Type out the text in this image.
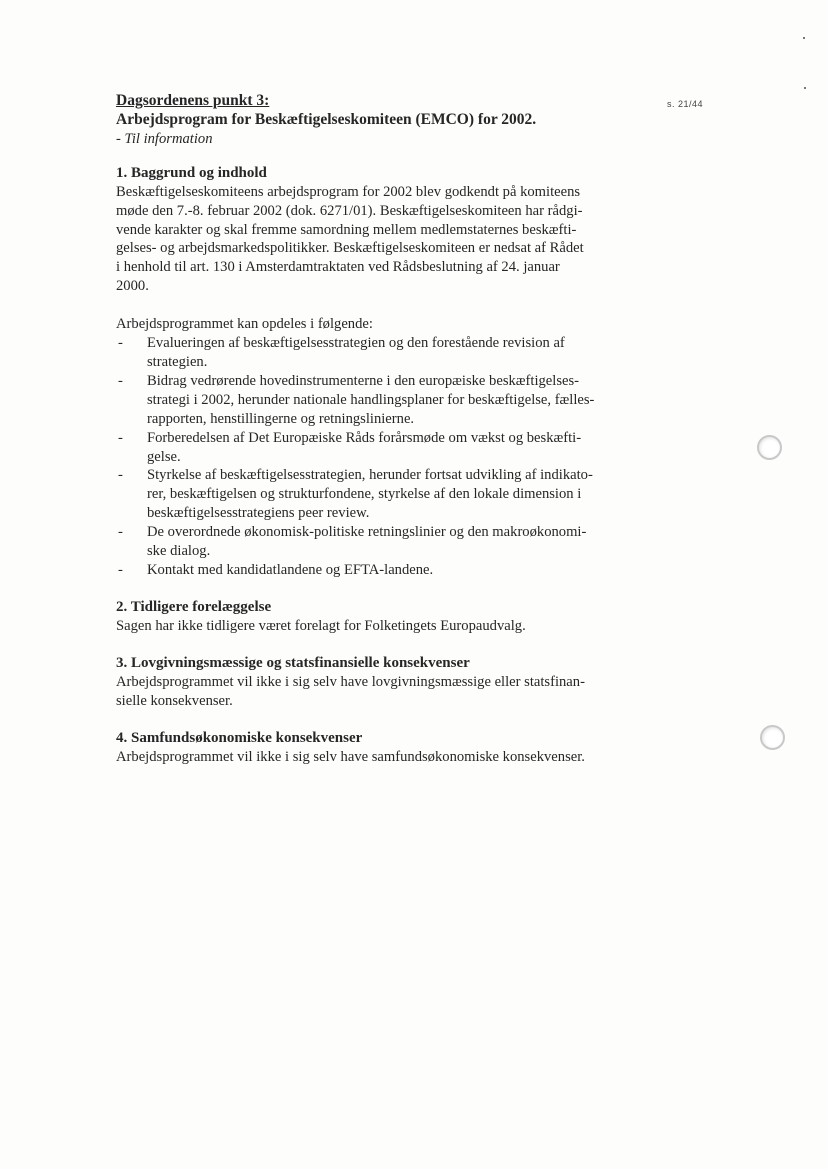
s. 21/44
Dagsordenens punkt 3:
Arbejdsprogram for Beskæftigelseskomiteen (EMCO) for 2002.
- Til information
1. Baggrund og indhold
Beskæftigelseskomiteens arbejdsprogram for 2002 blev godkendt på komiteens
møde den 7.-8. februar 2002 (dok. 6271/01). Beskæftigelseskomiteen har rådgi-
vende karakter og skal fremme samordning mellem medlemstaternes beskæfti-
gelses- og arbejdsmarkedspolitikker. Beskæftigelseskomiteen er nedsat af Rådet
i henhold til art. 130 i Amsterdamtraktaten ved Rådsbeslutning af 24. januar
2000.
Arbejdsprogrammet kan opdeles i følgende:
- Evalueringen af beskæftigelsesstrategien og den forestående revision af
strategien.
- Bidrag vedrørende hovedinstrumenterne i den europæiske beskæftigelses-
strategi i 2002, herunder nationale handlingsplaner for beskæftigelse, fælles-
rapporten, henstillingerne og retningslinierne.
- Forberedelsen af Det Europæiske Råds forårsmøde om vækst og beskæfti-
gelse.
- Styrkelse af beskæftigelsesstrategien, herunder fortsat udvikling af indikato-
rer, beskæftigelsen og strukturfondene, styrkelse af den lokale dimension i
beskæftigelsesstrategiens peer review.
- De overordnede økonomisk-politiske retningslinier og den makroøkonomi-
ske dialog.
- Kontakt med kandidatlandene og EFTA-landene.
2. Tidligere forelæggelse
Sagen har ikke tidligere været forelagt for Folketingets Europaudvalg.
3. Lovgivningsmæssige og statsfinansielle konsekvenser
Arbejdsprogrammet vil ikke i sig selv have lovgivningsmæssige eller statsfinan-
sielle konsekvenser.
4. Samfundsøkonomiske konsekvenser
Arbejdsprogrammet vil ikke i sig selv have samfundsøkonomiske konsekvenser.
